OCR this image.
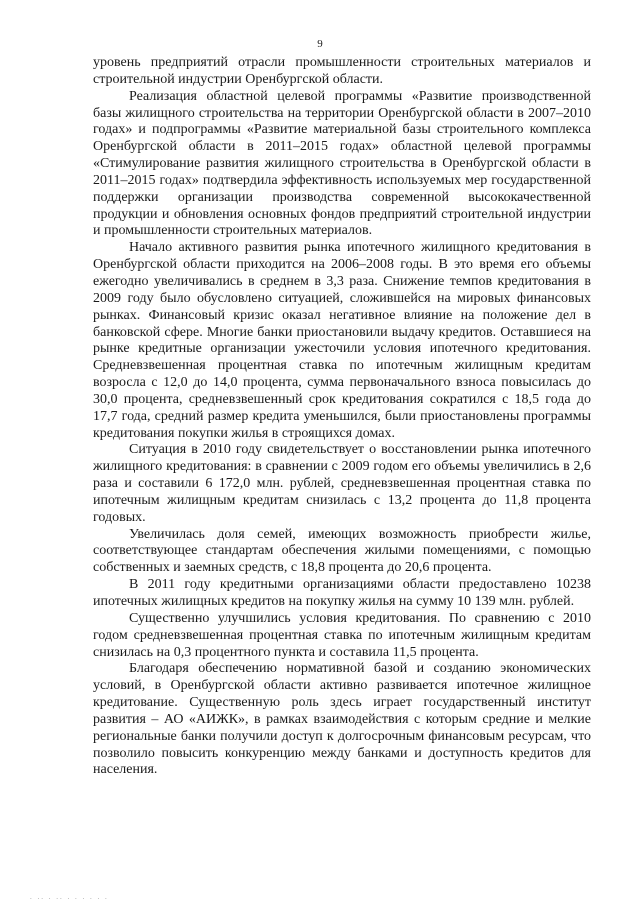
9

уровень предприятий отрасли промышленности строительных материалов и строительной индустрии Оренбургской области.

Реализация областной целевой программы «Развитие производственной базы жилищного строительства на территории Оренбургской области в 2007–2010 годах» и подпрограммы «Развитие материальной базы строительного комплекса Оренбургской области в 2011–2015 годах» областной целевой программы «Стимулирование развития жилищного строительства в Оренбургской области в 2011–2015 годах» подтвердила эффективность используемых мер государственной поддержки организации производства современной высококачественной продукции и обновления основных фондов предприятий строительной индустрии и промышленности строительных материалов.

Начало активного развития рынка ипотечного жилищного кредитования в Оренбургской области приходится на 2006–2008 годы. В это время его объемы ежегодно увеличивались в среднем в 3,3 раза. Снижение темпов кредитования в 2009 году было обусловлено ситуацией, сложившейся на мировых финансовых рынках. Финансовый кризис оказал негативное влияние на положение дел в банковской сфере. Многие банки приостановили выдачу кредитов. Оставшиеся на рынке кредитные организации ужесточили условия ипотечного кредитования. Средневзвешенная процентная ставка по ипотечным жилищным кредитам возросла с 12,0 до 14,0 процента, сумма первоначального взноса повысилась до 30,0 процента, средневзвешенный срок кредитования сократился с 18,5 года до 17,7 года, средний размер кредита уменьшился, были приостановлены программы кредитования покупки жилья в строящихся домах.

Ситуация в 2010 году свидетельствует о восстановлении рынка ипотечного жилищного кредитования: в сравнении с 2009 годом его объемы увеличились в 2,6 раза и составили 6 172,0 млн. рублей, средневзвешенная процентная ставка по ипотечным жилищным кредитам снизилась с 13,2 процента до 11,8 процента годовых.

Увеличилась доля семей, имеющих возможность приобрести жилье, соответствующее стандартам обеспечения жилыми помещениями, с помощью собственных и заемных средств, с 18,8 процента до 20,6 процента.

В 2011 году кредитными организациями области предоставлено 10238 ипотечных жилищных кредитов на покупку жилья на сумму 10 139 млн. рублей.

Существенно улучшились условия кредитования. По сравнению с 2010 годом средневзвешенная процентная ставка по ипотечным жилищным кредитам снизилась на 0,3 процентного пункта и составила 11,5 процента.

Благодаря обеспечению нормативной базой и созданию экономических условий, в Оренбургской области активно развивается ипотечное жилищное кредитование. Существенную роль здесь играет государственный институт развития – АО «АИЖК», в рамках взаимодействия с которым средние и мелкие региональные банки получили доступ к долгосрочным финансовым ресурсам, что позволило повысить конкуренцию между банками и доступность кредитов для населения.

. .. . .. . . . . . .
